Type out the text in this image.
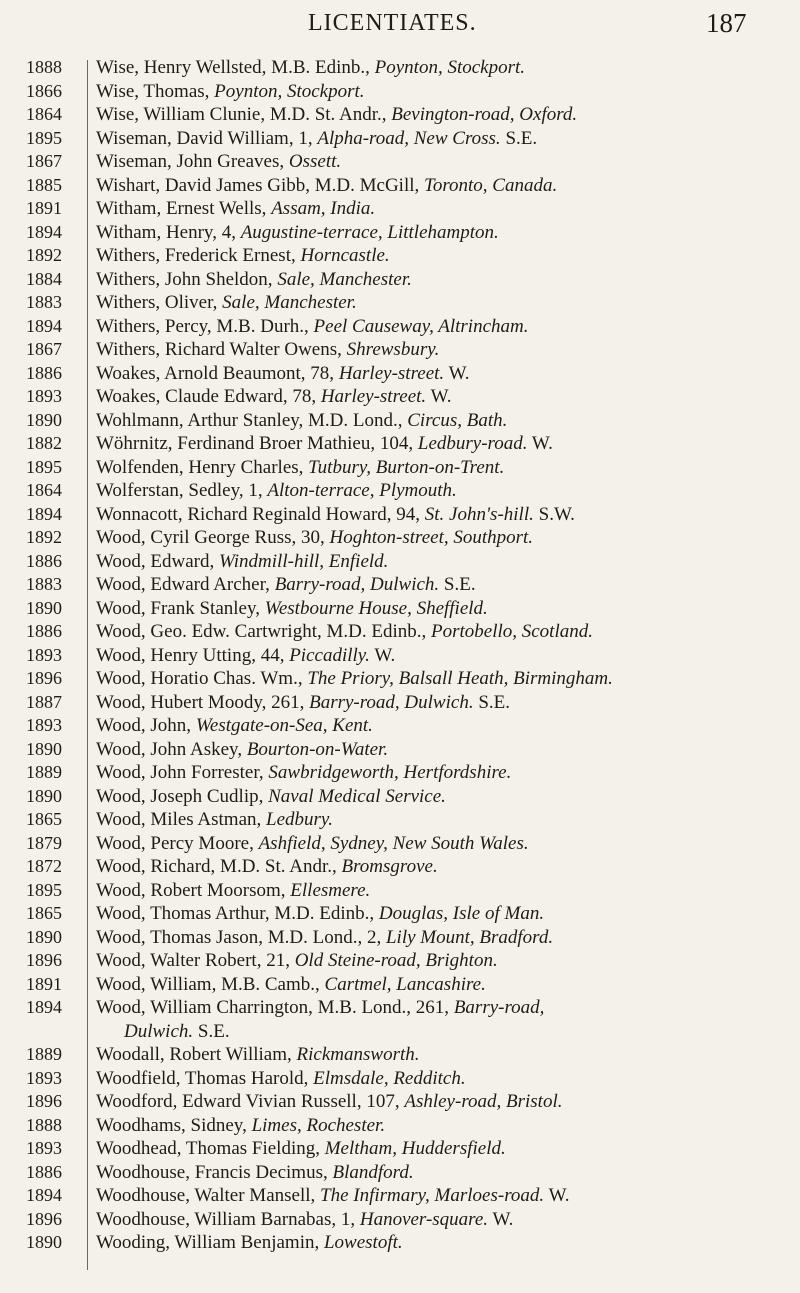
LICENTIATES.	187
1888	Wise, Henry Wellsted, M.B. Edinb., Poynton, Stockport.
1866	Wise, Thomas, Poynton, Stockport.
1864	Wise, William Clunie, M.D. St. Andr., Bevington-road, Oxford.
1895	Wiseman, David William, 1, Alpha-road, New Cross. S.E.
1867	Wiseman, John Greaves, Ossett.
1885	Wishart, David James Gibb, M.D. McGill, Toronto, Canada.
1891	Witham, Ernest Wells, Assam, India.
1894	Witham, Henry, 4, Augustine-terrace, Littlehampton.
1892	Withers, Frederick Ernest, Horncastle.
1884	Withers, John Sheldon, Sale, Manchester.
1883	Withers, Oliver, Sale, Manchester.
1894	Withers, Percy, M.B. Durh., Peel Causeway, Altrincham.
1867	Withers, Richard Walter Owens, Shrewsbury.
1886	Woakes, Arnold Beaumont, 78, Harley-street. W.
1893	Woakes, Claude Edward, 78, Harley-street. W.
1890	Wohlmann, Arthur Stanley, M.D. Lond., Circus, Bath.
1882	Wöhrnitz, Ferdinand Broer Mathieu, 104, Ledbury-road. W.
1895	Wolfenden, Henry Charles, Tutbury, Burton-on-Trent.
1864	Wolferstan, Sedley, 1, Alton-terrace, Plymouth.
1894	Wonnacott, Richard Reginald Howard, 94, St. John's-hill. S.W.
1892	Wood, Cyril George Russ, 30, Hoghton-street, Southport.
1886	Wood, Edward, Windmill-hill, Enfield.
1883	Wood, Edward Archer, Barry-road, Dulwich. S.E.
1890	Wood, Frank Stanley, Westbourne House, Sheffield.
1886	Wood, Geo. Edw. Cartwright, M.D. Edinb., Portobello, Scotland.
1893	Wood, Henry Utting, 44, Piccadilly. W.
1896	Wood, Horatio Chas. Wm., The Priory, Balsall Heath, Birmingham.
1887	Wood, Hubert Moody, 261, Barry-road, Dulwich. S.E.
1893	Wood, John, Westgate-on-Sea, Kent.
1890	Wood, John Askey, Bourton-on-Water.
1889	Wood, John Forrester, Sawbridgeworth, Hertfordshire.
1890	Wood, Joseph Cudlip, Naval Medical Service.
1865	Wood, Miles Astman, Ledbury.
1879	Wood, Percy Moore, Ashfield, Sydney, New South Wales.
1872	Wood, Richard, M.D. St. Andr., Bromsgrove.
1895	Wood, Robert Moorsom, Ellesmere.
1865	Wood, Thomas Arthur, M.D. Edinb., Douglas, Isle of Man.
1890	Wood, Thomas Jason, M.D. Lond., 2, Lily Mount, Bradford.
1896	Wood, Walter Robert, 21, Old Steine-road, Brighton.
1891	Wood, William, M.B. Camb., Cartmel, Lancashire.
1894	Wood, William Charrington, M.B. Lond., 261, Barry-road,
Dulwich. S.E.
1889	Woodall, Robert William, Rickmansworth.
1893	Woodfield, Thomas Harold, Elmsdale, Redditch.
1896	Woodford, Edward Vivian Russell, 107, Ashley-road, Bristol.
1888	Woodhams, Sidney, Limes, Rochester.
1893	Woodhead, Thomas Fielding, Meltham, Huddersfield.
1886	Woodhouse, Francis Decimus, Blandford.
1894	Woodhouse, Walter Mansell, The Infirmary, Marloes-road. W.
1896	Woodhouse, William Barnabas, 1, Hanover-square. W.
1890	Wooding, William Benjamin, Lowestoft.
